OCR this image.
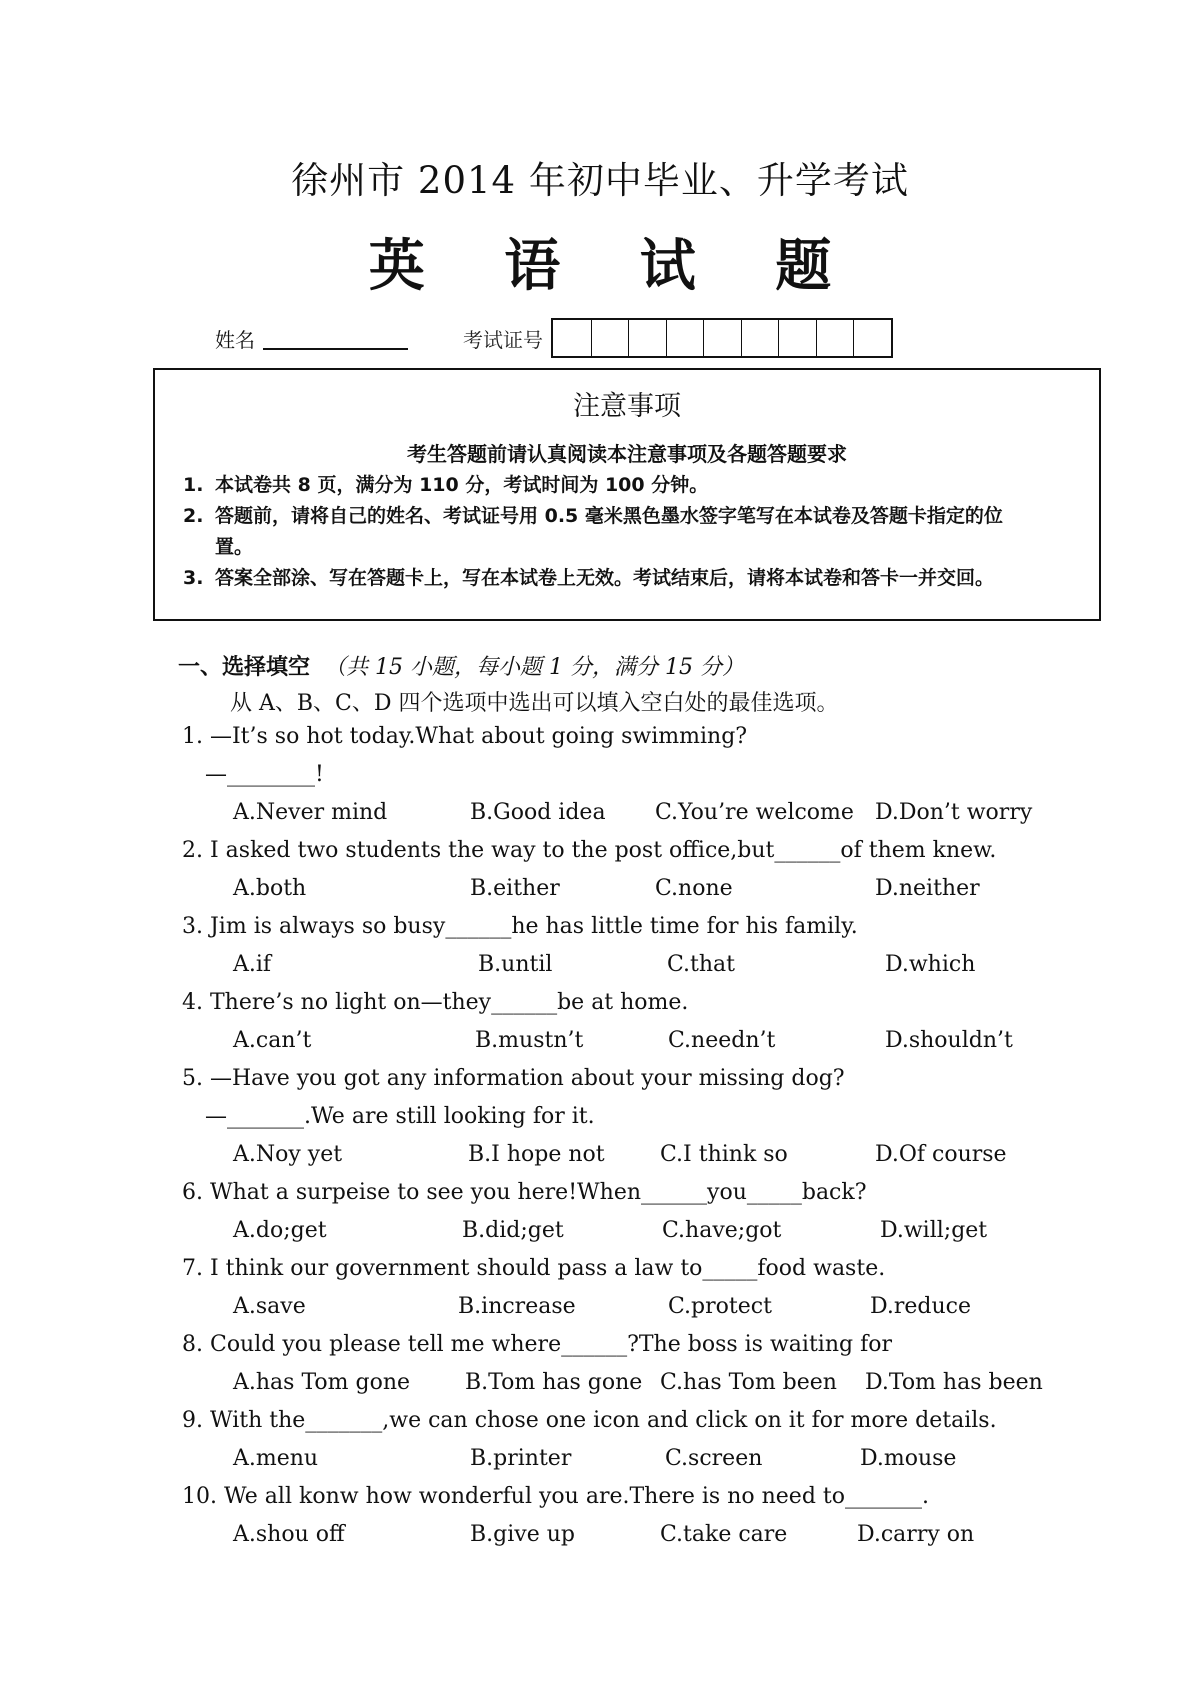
徐州市 2014 年初中毕业、升学考试
英 语 试 题
姓名	考试证号
注意事项
考生答题前请认真阅读本注意事项及各题答题要求
1. 本试卷共 8 页，满分为 110 分，考试时间为 100 分钟。
2. 答题前，请将自己的姓名、考试证号用 0.5 毫米黑色墨水签字笔写在本试卷及答题卡指定的位置。
3. 答案全部涂、写在答题卡上，写在本试卷上无效。考试结束后，请将本试卷和答卡一并交回。
一、选择填空 （共 15 小题，每小题 1 分，满分 15 分）
从 A、B、C、D 四个选项中选出可以填入空白处的最佳选项。
1. —It’s so hot today.What about going swimming?
—________!
A.Never mind	B.Good idea C.You’re welcome D.Don’t worry
2. I asked two students the way to the post office,but______of them knew.
A.both	B.either	C.none	D.neither
3. Jim is always so busy______he has little time for his family.
A.if	B.until	C.that	D.which
4. There’s no light on—they______be at home.
A.can’t	B.mustn’t	C.needn’t	D.shouldn’t
5. —Have you got any information about your missing dog?
—_______.We are still looking for it.
A.Noy yet	B.I hope not	C.I think so	D.Of course
6. What a surpeise to see you here!When______you_____back?
A.do;get	B.did;get	C.have;got	D.will;get
7. I think our government should pass a law to_____food waste.
A.save	B.increase	C.protect	D.reduce
8. Could you please tell me where______?The boss is waiting for
A.has Tom gone B.Tom has gone C.has Tom been D.Tom has been
9. With the_______,we can chose one icon and click on it for more details.
A.menu	B.printer	C.screen	D.mouse
10. We all konw how wonderful you are.There is no need to_______.
A.shou off	B.give up	C.take care	D.carry on
